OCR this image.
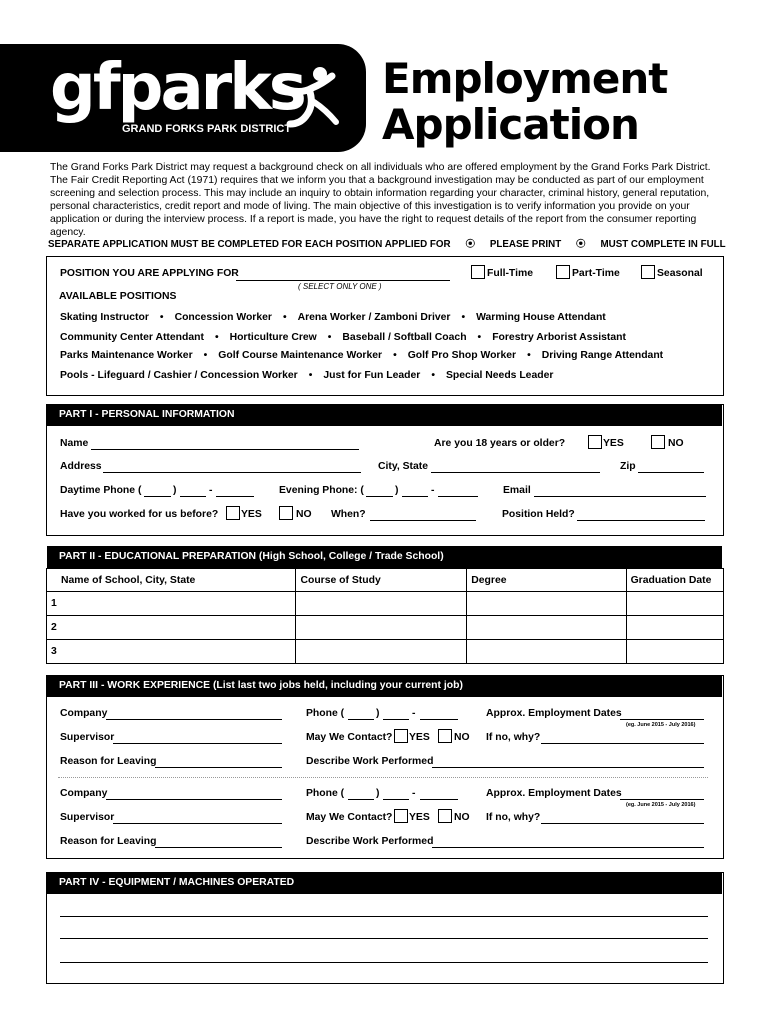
gfparks
GRAND FORKS PARK DISTRICT
Employment
Application
The Grand Forks Park District may request a background check on all individuals who are offered employment by the Grand Forks Park District. The Fair Credit Reporting Act (1971) requires that we inform you that a background investigation may be conducted as part of our employment screening and selection process. This may include an inquiry to obtain information regarding your character, criminal history, general reputation, personal characteristics, credit report and mode of living. The main objective of this investigation is to verify information you provide on your application or during the interview process. If a report is made, you have the right to request details of the report from the consumer reporting agency.
SEPARATE APPLICATION MUST BE COMPLETED FOR EACH POSITION APPLIED FOR ⦿ PLEASE PRINT ⦿ MUST COMPLETE IN FULL
POSITION YOU ARE APPLYING FOR
( SELECT ONLY ONE )
Full-Time	Part-Time	Seasonal
AVAILABLE POSITIONS
Skating Instructor • Concession Worker • Arena Worker / Zamboni Driver • Warming House Attendant
Community Center Attendant • Horticulture Crew • Baseball / Softball Coach • Forestry Arborist Assistant
Parks Maintenance Worker • Golf Course Maintenance Worker • Golf Pro Shop Worker • Driving Range Attendant
Pools - Lifeguard / Cashier / Concession Worker • Just for Fun Leader • Special Needs Leader
PART I - PERSONAL INFORMATION
Name	Are you 18 years or older?	YES	NO
Address	City, State	Zip
Daytime Phone (	)	-	Evening Phone: (	)	-	Email
Have you worked for us before? YES	NO When?	Position Held?
PART II - EDUCATIONAL PREPARATION (High School, College / Trade School)
Name of School, City, State	Course of Study	Degree	Graduation Date
1			
2			
3			
PART III - WORK EXPERIENCE (List last two jobs held, including your current job)
Company	Phone (	)	-	Approx. Employment Dates
(eg. June 2015 - July 2016)
Supervisor	May We Contact? YES NO If no, why?
Reason for Leaving	Describe Work Performed
Company	Phone (	)	-	Approx. Employment Dates
(eg. June 2015 - July 2016)
Supervisor	May We Contact? YES NO If no, why?
Reason for Leaving	Describe Work Performed
PART IV - EQUIPMENT / MACHINES OPERATED
